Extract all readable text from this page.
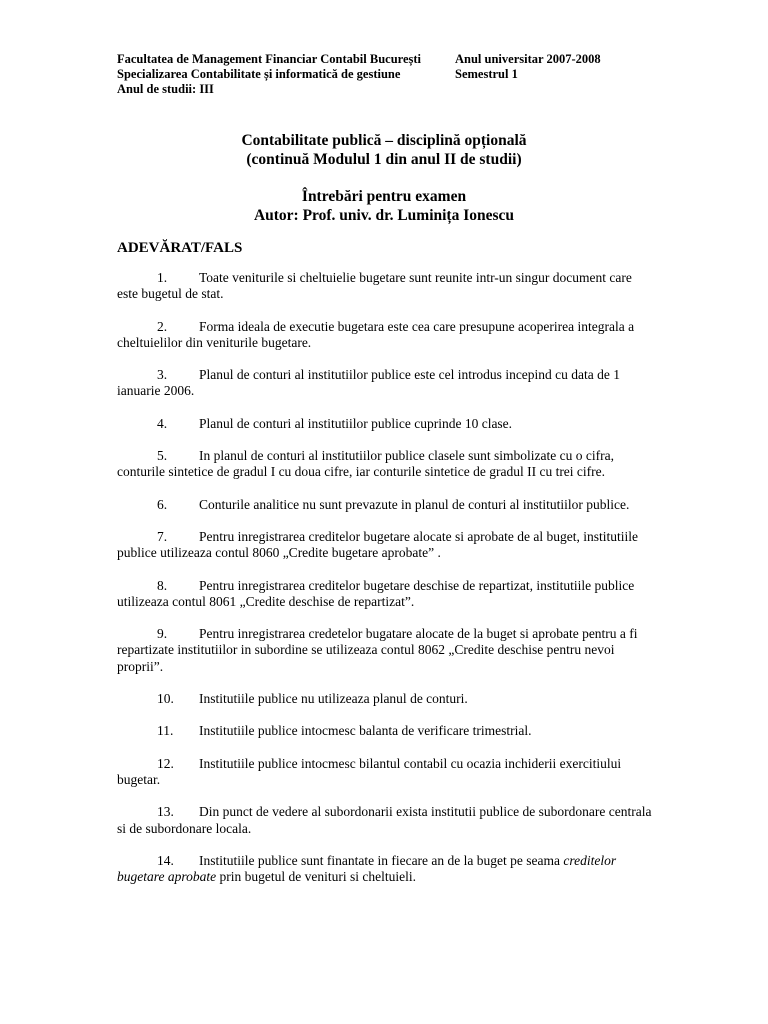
Facultatea de Management Financiar Contabil București	Anul universitar 2007-2008
Specializarea Contabilitate și informatică de gestiune	Semestrul 1
Anul de studii: III
Contabilitate publică – disciplină opțională
(continuă Modulul 1 din anul II de studii)
Întrebări pentru examen
Autor: Prof. univ. dr. Luminița Ionescu
ADEVĂRAT/FALS
1. Toate veniturile si cheltuielie bugetare sunt reunite intr-un singur document care este bugetul de stat.
2. Forma ideala de executie bugetara este cea care presupune acoperirea integrala a cheltuielilor din veniturile bugetare.
3. Planul de conturi al institutiilor publice este cel introdus incepind cu data de 1 ianuarie 2006.
4. Planul de conturi al institutiilor publice cuprinde 10 clase.
5. In planul de conturi al institutiilor publice clasele sunt simbolizate cu o cifra, conturile sintetice de gradul I cu doua cifre, iar conturile sintetice de gradul II cu trei cifre.
6. Conturile analitice nu sunt prevazute in planul de conturi al institutiilor publice.
7. Pentru inregistrarea creditelor bugetare alocate si aprobate de al buget, institutiile publice utilizeaza contul 8060 „Credite bugetare aprobate” .
8. Pentru inregistrarea creditelor bugetare deschise de repartizat, institutiile publice utilizeaza contul 8061 „Credite deschise de repartizat”.
9. Pentru inregistrarea credetelor bugatare alocate de la buget si aprobate pentru a fi repartizate institutiilor in subordine se utilizeaza contul 8062 „Credite deschise pentru nevoi proprii”.
10. Institutiile publice nu utilizeaza planul de conturi.
11. Institutiile publice intocmesc balanta de verificare trimestrial.
12. Institutiile publice intocmesc bilantul contabil cu ocazia inchiderii exercitiului bugetar.
13. Din punct de vedere al subordonarii exista institutii publice de subordonare centrala si de subordonare locala.
14. Institutiile publice sunt finantate in fiecare an de la buget pe seama creditelor bugetare aprobate prin bugetul de venituri si cheltuieli.
